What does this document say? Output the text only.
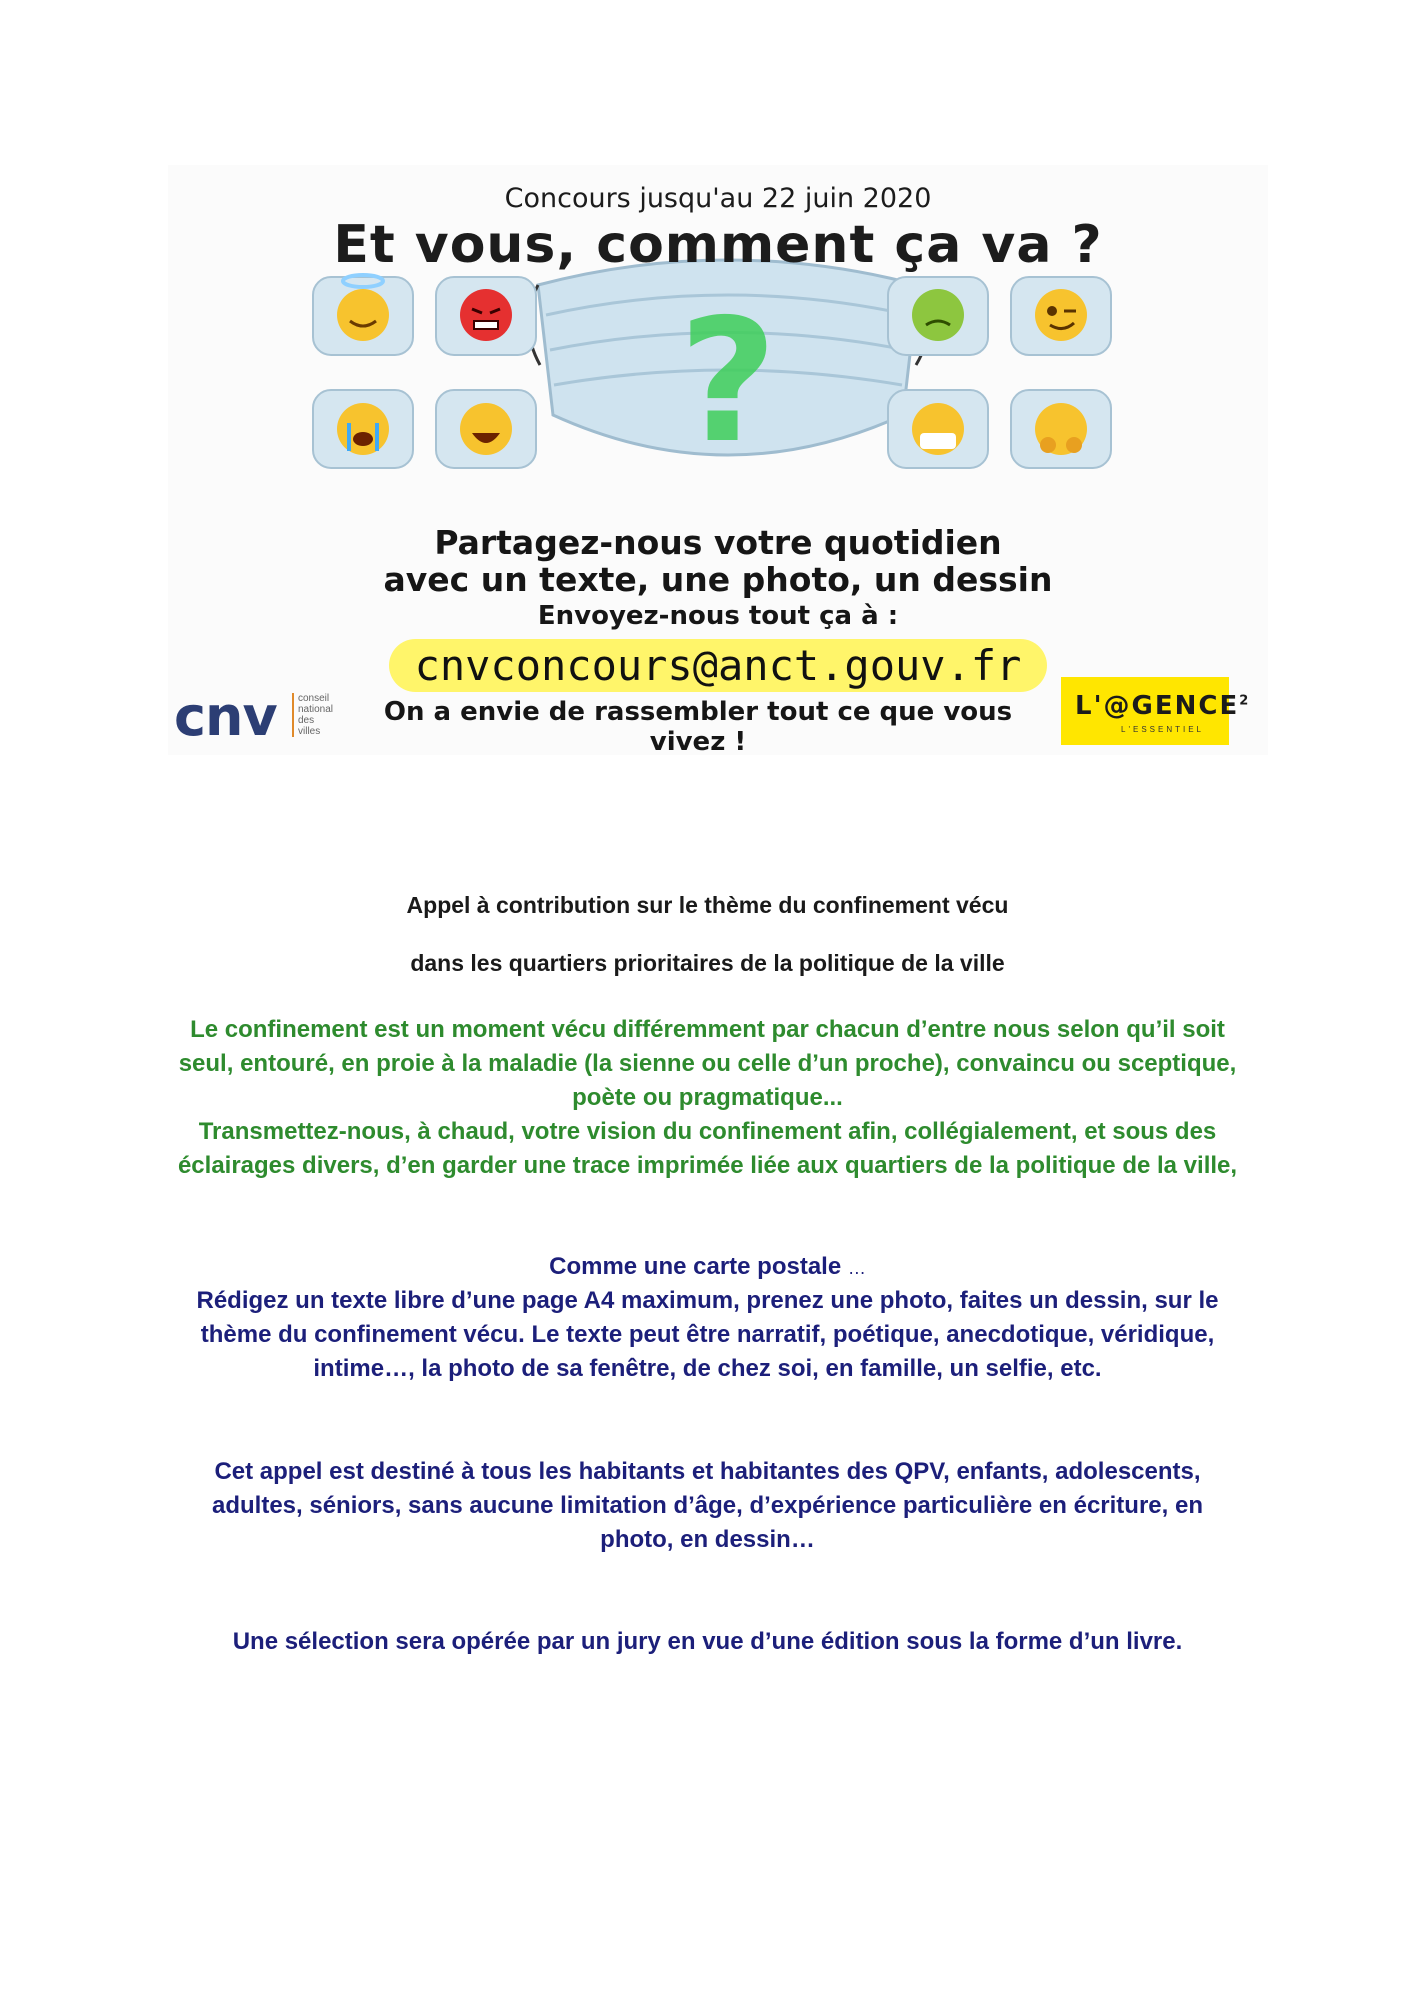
?
Concours jusqu'au 22 juin 2020
Et vous, comment ça va ?
Partagez-nous votre quotidien
avec un texte, une photo, un dessin
Envoyez-nous tout ça à :
cnvconcours@anct.gouv.fr
On a envie de rassembler tout ce que vous vivez !
cnv	conseil national des villes
L'@GENCE$^2$
L'ESSENTIEL
Appel à contribution sur le thème du confinement vécu
dans les quartiers prioritaires de la politique de la ville
Le confinement est un moment vécu différemment par chacun d’entre nous selon qu’il soit seul, entouré, en proie à la maladie (la sienne ou celle d’un proche), convaincu ou sceptique, poète ou pragmatique...
Transmettez-nous, à chaud, votre vision du confinement afin, collégialement, et sous des éclairages divers, d’en garder une trace imprimée liée aux quartiers de la politique de la ville,
Comme une carte postale …
Rédigez un texte libre d’une page A4 maximum, prenez une photo, faites un dessin, sur le thème du confinement vécu. Le texte peut être narratif, poétique, anecdotique, véridique, intime…, la photo de sa fenêtre, de chez soi, en famille, un selfie, etc.
Cet appel est destiné à tous les habitants et habitantes des QPV, enfants, adolescents, adultes, séniors, sans aucune limitation d’âge, d’expérience particulière en écriture, en photo, en dessin…
Une sélection sera opérée par un jury en vue d’une édition sous la forme d’un livre.
